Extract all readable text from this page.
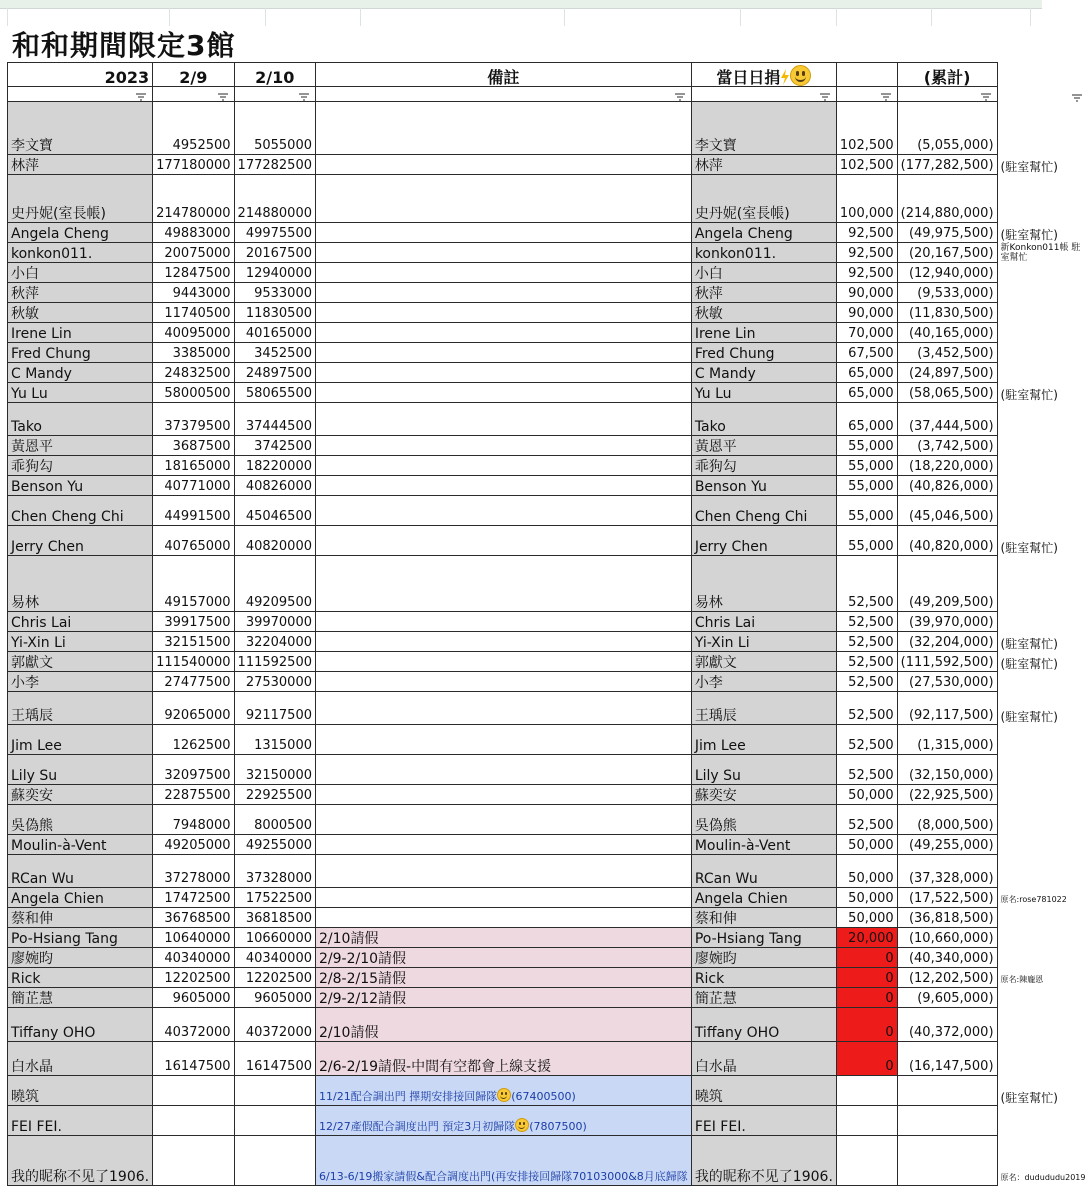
和和期間限定3館
2023	2/9	2/10	備註	當日日捐		(累計)	

李文寶	4952500	5055000		李文寶	102,500	(5,055,000)	
林萍	177180000	177282500		林萍	102,500	(177,282,500)	(駐室幫忙)
史丹妮(室長帳)	214780000	214880000		史丹妮(室長帳)	100,000	(214,880,000)	
Angela Cheng	49883000	49975500		Angela Cheng	92,500	(49,975,500)	(駐室幫忙)
konkon011.	20075000	20167500		konkon011.	92,500	(20,167,500)	新Konkon011帳 駐室幫忙
小白	12847500	12940000		小白	92,500	(12,940,000)	
秋萍	9443000	9533000		秋萍	90,000	(9,533,000)	
秋敏	11740500	11830500		秋敏	90,000	(11,830,500)	
Irene Lin	40095000	40165000		Irene Lin	70,000	(40,165,000)	
Fred Chung	3385000	3452500		Fred Chung	67,500	(3,452,500)	
C Mandy	24832500	24897500		C Mandy	65,000	(24,897,500)	
Yu Lu	58000500	58065500		Yu Lu	65,000	(58,065,500)	(駐室幫忙)
Tako	37379500	37444500		Tako	65,000	(37,444,500)	
黃恩平	3687500	3742500		黃恩平	55,000	(3,742,500)	
乖狗勾	18165000	18220000		乖狗勾	55,000	(18,220,000)	
Benson Yu	40771000	40826000		Benson Yu	55,000	(40,826,000)	
Chen Cheng Chi	44991500	45046500		Chen Cheng Chi	55,000	(45,046,500)	
Jerry Chen	40765000	40820000		Jerry Chen	55,000	(40,820,000)	(駐室幫忙)
易林	49157000	49209500		易林	52,500	(49,209,500)	
Chris Lai	39917500	39970000		Chris Lai	52,500	(39,970,000)	
Yi-Xin Li	32151500	32204000		Yi-Xin Li	52,500	(32,204,000)	(駐室幫忙)
郭獻文	111540000	111592500		郭獻文	52,500	(111,592,500)	(駐室幫忙)
小李	27477500	27530000		小李	52,500	(27,530,000)	
王瑀辰	92065000	92117500		王瑀辰	52,500	(92,117,500)	(駐室幫忙)
Jim Lee	1262500	1315000		Jim Lee	52,500	(1,315,000)	
Lily Su	32097500	32150000		Lily Su	52,500	(32,150,000)	
蘇奕安	22875500	22925500		蘇奕安	50,000	(22,925,500)	
吳偽熊	7948000	8000500		吳偽熊	52,500	(8,000,500)	
Moulin-à-Vent	49205000	49255000		Moulin-à-Vent	50,000	(49,255,000)	
RCan Wu	37278000	37328000		RCan Wu	50,000	(37,328,000)	
Angela Chien	17472500	17522500		Angela Chien	50,000	(17,522,500)	原名:rose781022
蔡和伸	36768500	36818500		蔡和伸	50,000	(36,818,500)	
Po-Hsiang Tang	10640000	10660000	2/10請假	Po-Hsiang Tang	20,000	(10,660,000)	
廖婉昀	40340000	40340000	2/9-2/10請假	廖婉昀	0	(40,340,000)	
Rick	12202500	12202500	2/8-2/15請假	Rick	0	(12,202,500)	原名:陳龐恩
簡芷慧	9605000	9605000	2/9-2/12請假	簡芷慧	0	(9,605,000)	
Tiffany OHO	40372000	40372000	2/10請假	Tiffany OHO	0	(40,372,000)	
白水晶	16147500	16147500	2/6-2/19請假-中間有空都會上線支援	白水晶	0	(16,147,500)	
曉筑			11/21配合調出門 擇期安排接回歸隊 (67400500)	曉筑			(駐室幫忙)
FEI FEI.			12/27產假配合調度出門 預定3月初歸隊 (7807500)	FEI FEI.			
我的昵称不见了1906.			6/13-6/19搬家請假&配合調度出門(再安排接回歸隊70103000&8月底歸隊	我的昵称不见了1906.			原名：dudududu2019
